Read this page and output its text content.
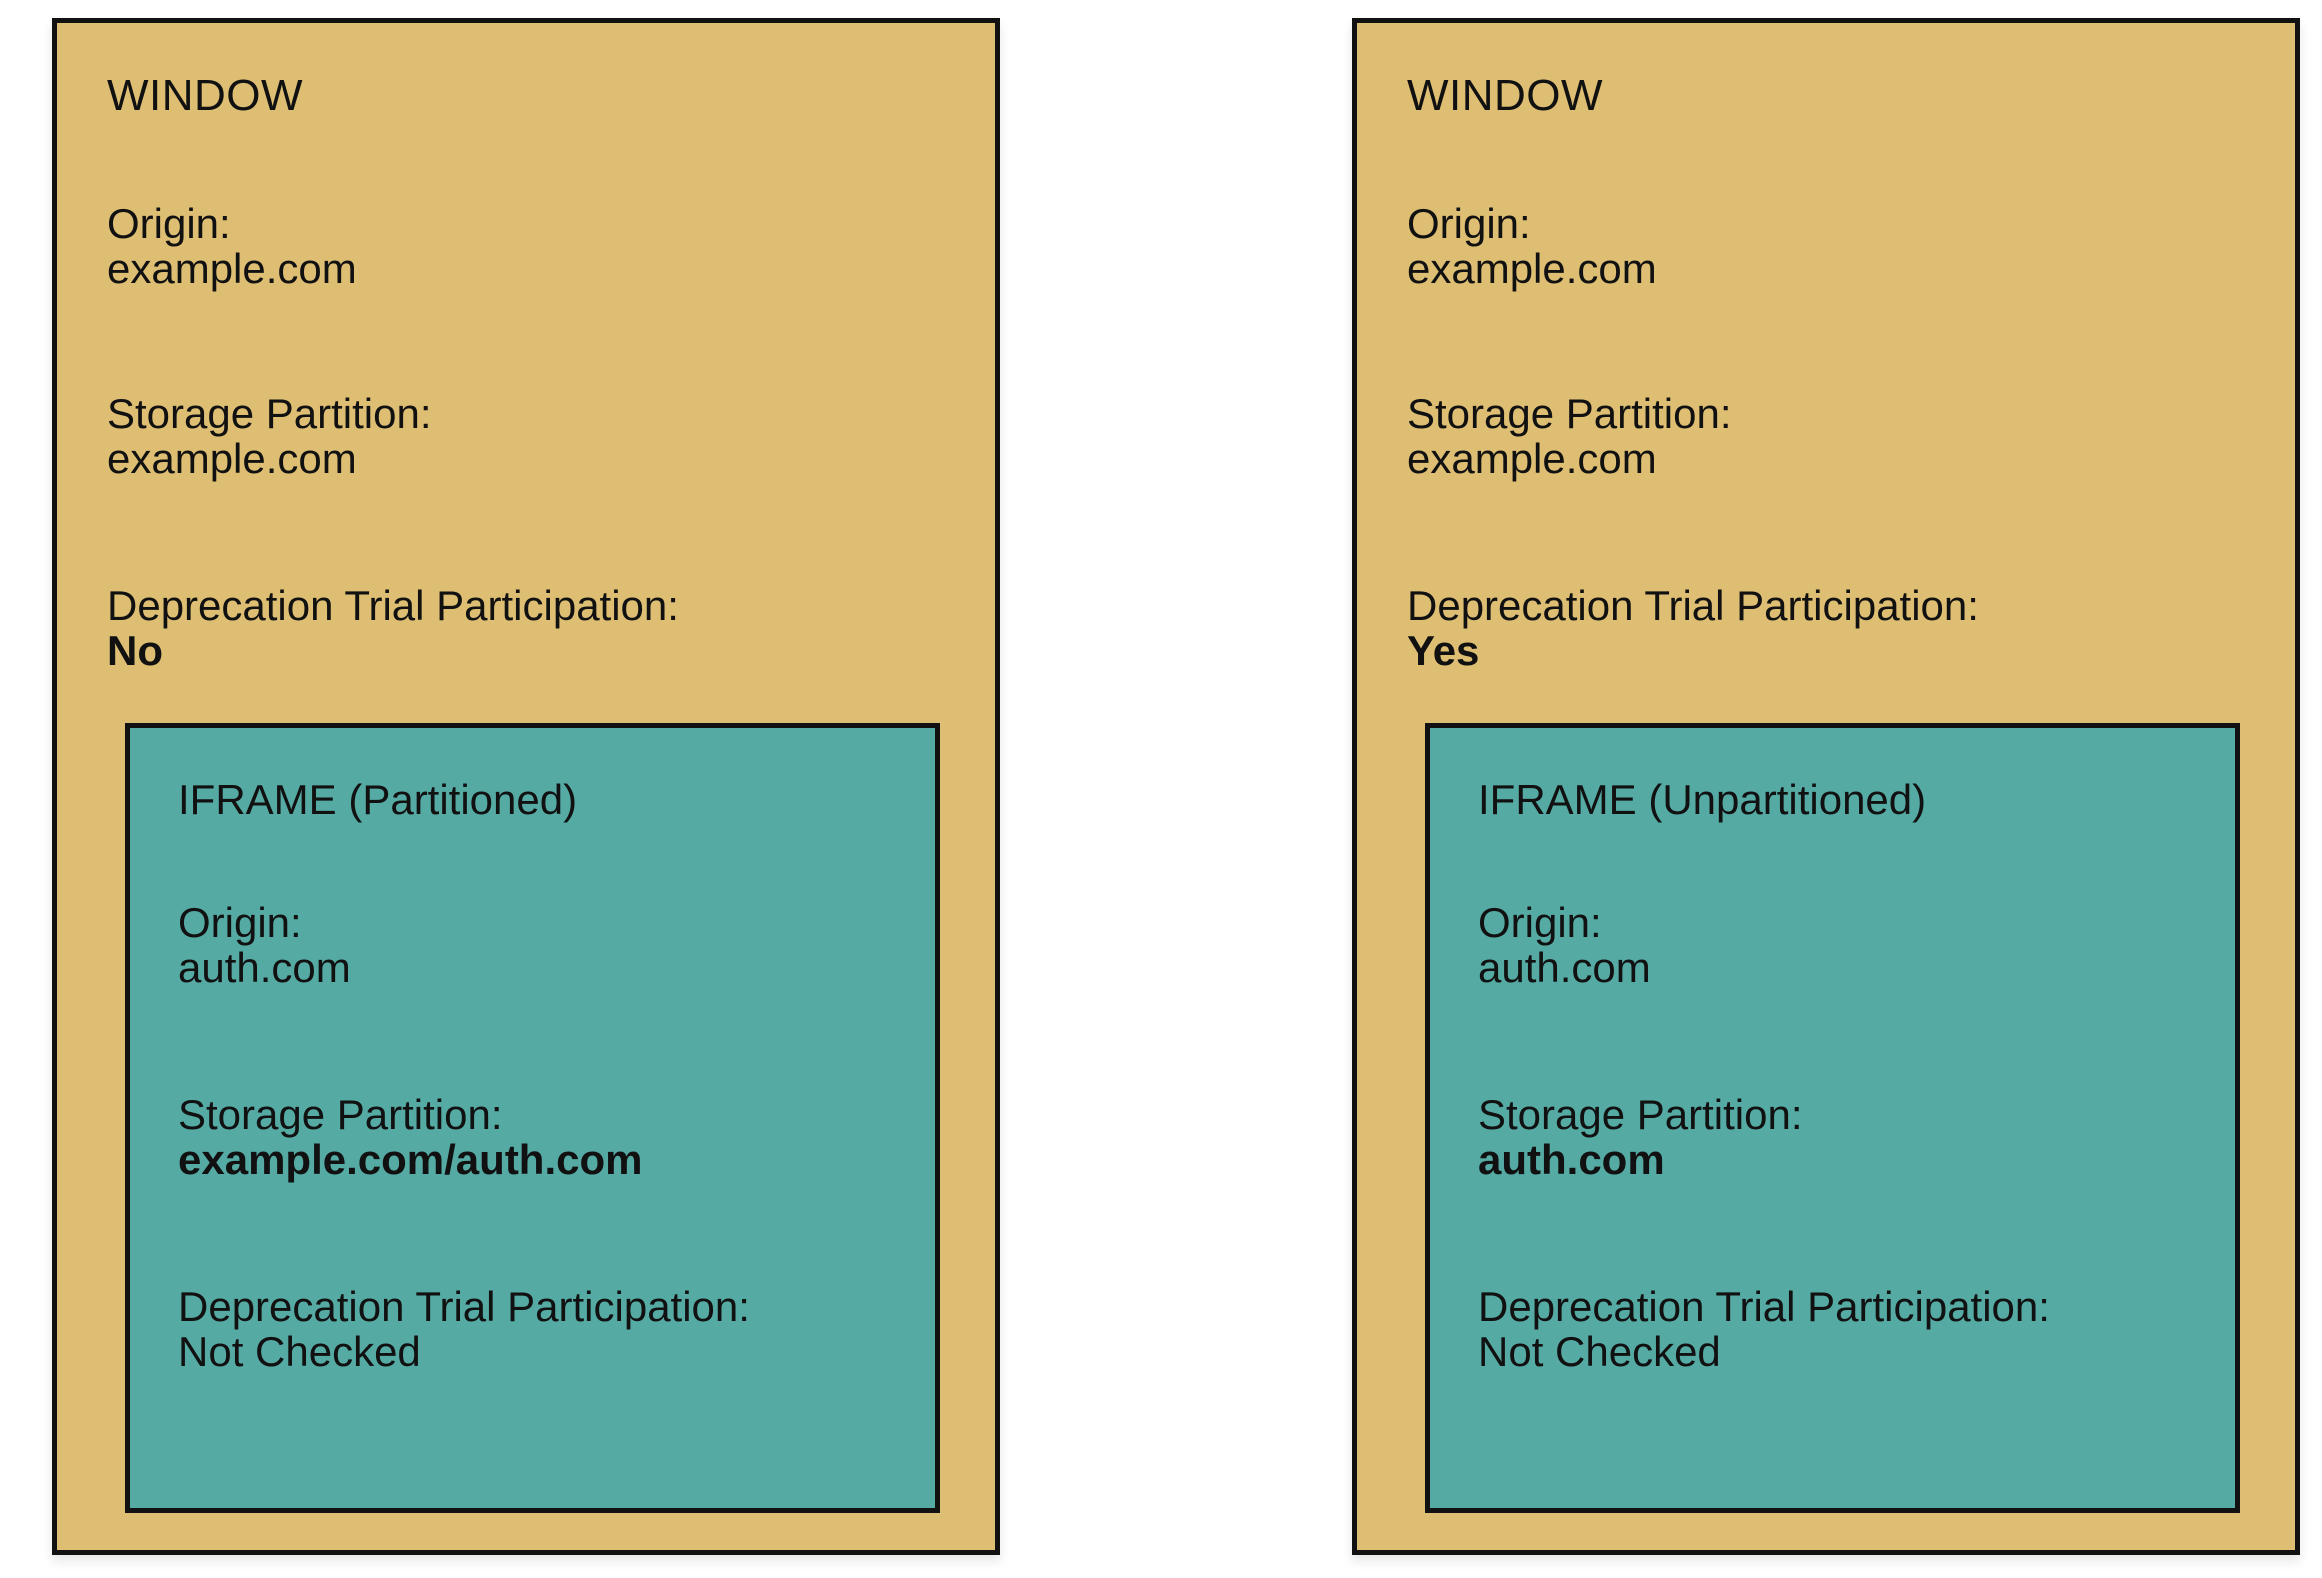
WINDOW
Origin:
example.com
Storage Partition:
example.com
Deprecation Trial Participation:
No
IFRAME (Partitioned)
Origin:
auth.com
Storage Partition:
example.com/auth.com
Deprecation Trial Participation:
Not Checked
WINDOW
Origin:
example.com
Storage Partition:
example.com
Deprecation Trial Participation:
Yes
IFRAME (Unpartitioned)
Origin:
auth.com
Storage Partition:
auth.com
Deprecation Trial Participation:
Not Checked
